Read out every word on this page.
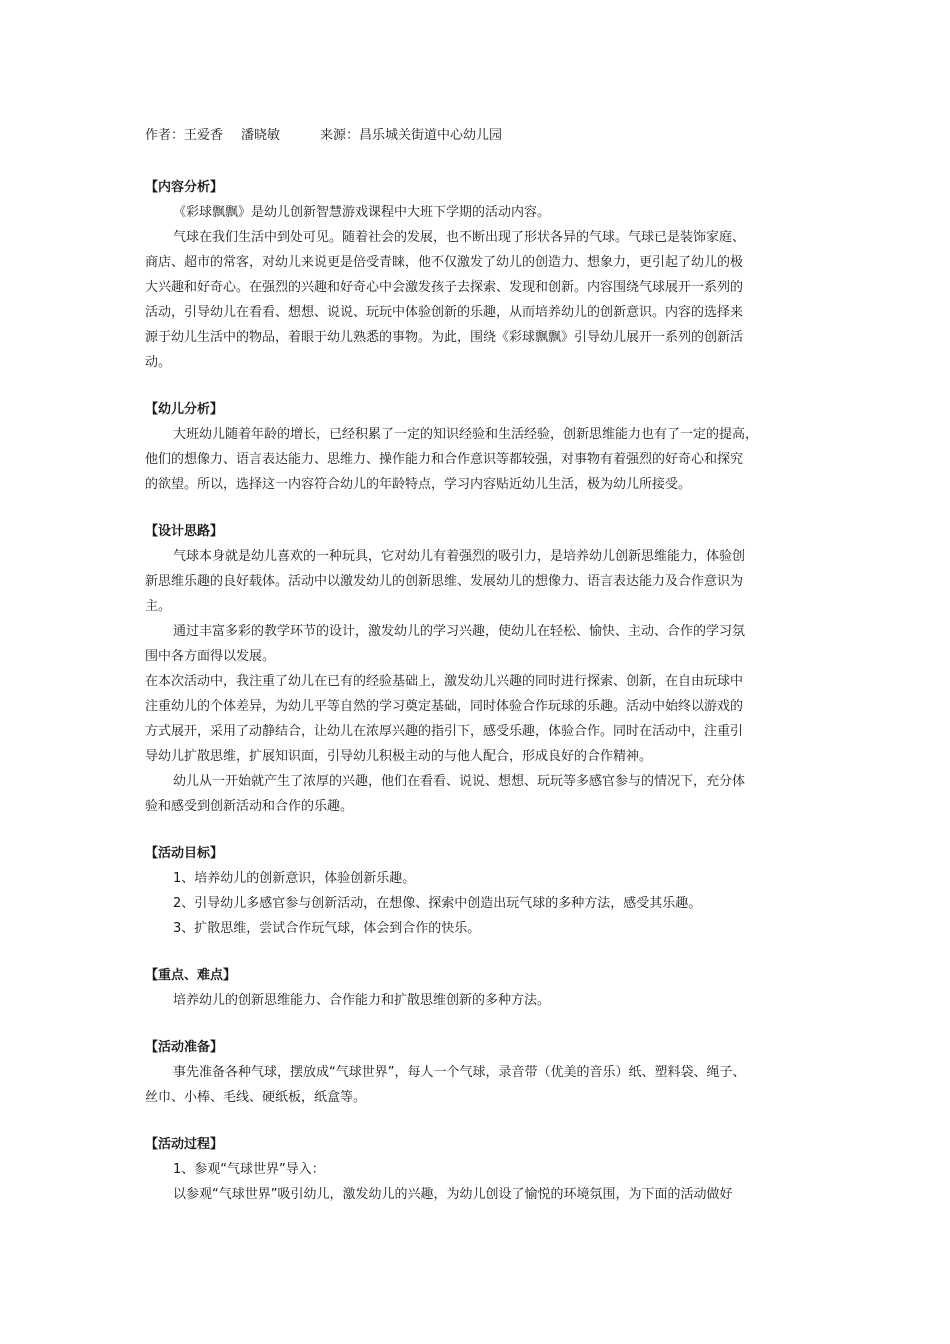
作者：王爱香 潘晓敏	来源：昌乐城关街道中心幼儿园

【内容分析】

《彩球飘飘》是幼儿创新智慧游戏课程中大班下学期的活动内容。

气球在我们生活中到处可见。随着社会的发展，也不断出现了形状各异的气球。气球已是装饰家庭、

商店、超市的常客，对幼儿来说更是倍受青睐，他不仅激发了幼儿的创造力、想象力，更引起了幼儿的极

大兴趣和好奇心。在强烈的兴趣和好奇心中会激发孩子去探索、发现和创新。内容围绕气球展开一系列的

活动，引导幼儿在看看、想想、说说、玩玩中体验创新的乐趣，从而培养幼儿的创新意识。内容的选择来

源于幼儿生活中的物品，着眼于幼儿熟悉的事物。为此，围绕《彩球飘飘》引导幼儿展开一系列的创新活

动。

【幼儿分析】

大班幼儿随着年龄的增长，已经积累了一定的知识经验和生活经验，创新思维能力也有了一定的提高，

他们的想像力、语言表达能力、思维力、操作能力和合作意识等都较强，对事物有着强烈的好奇心和探究

的欲望。所以，选择这一内容符合幼儿的年龄特点，学习内容贴近幼儿生活，极为幼儿所接受。

【设计思路】

气球本身就是幼儿喜欢的一种玩具，它对幼儿有着强烈的吸引力，是培养幼儿创新思维能力，体验创

新思维乐趣的良好载体。活动中以激发幼儿的创新思维、发展幼儿的想像力、语言表达能力及合作意识为

主。

通过丰富多彩的教学环节的设计，激发幼儿的学习兴趣，使幼儿在轻松、愉快、主动、合作的学习氛

围中各方面得以发展。

在本次活动中，我注重了幼儿在已有的经验基础上，激发幼儿兴趣的同时进行探索、创新，在自由玩球中

注重幼儿的个体差异，为幼儿平等自然的学习奠定基础，同时体验合作玩球的乐趣。活动中始终以游戏的

方式展开，采用了动静结合，让幼儿在浓厚兴趣的指引下，感受乐趣，体验合作。同时在活动中，注重引

导幼儿扩散思维，扩展知识面，引导幼儿积极主动的与他人配合，形成良好的合作精神。

幼儿从一开始就产生了浓厚的兴趣，他们在看看、说说、想想、玩玩等多感官参与的情况下，充分体

验和感受到创新活动和合作的乐趣。

【活动目标】

1、培养幼儿的创新意识，体验创新乐趣。

2、引导幼儿多感官参与创新活动，在想像、探索中创造出玩气球的多种方法，感受其乐趣。

3、扩散思维，尝试合作玩气球，体会到合作的快乐。

【重点、难点】

培养幼儿的创新思维能力、合作能力和扩散思维创新的多种方法。

【活动准备】

事先准备各种气球，摆放成“气球世界”，每人一个气球，录音带（优美的音乐）纸、塑料袋、绳子、

丝巾、小棒、毛线、硬纸板，纸盒等。

【活动过程】

1、参观“气球世界”导入：

以参观“气球世界”吸引幼儿，激发幼儿的兴趣，为幼儿创设了愉悦的环境氛围，为下面的活动做好
